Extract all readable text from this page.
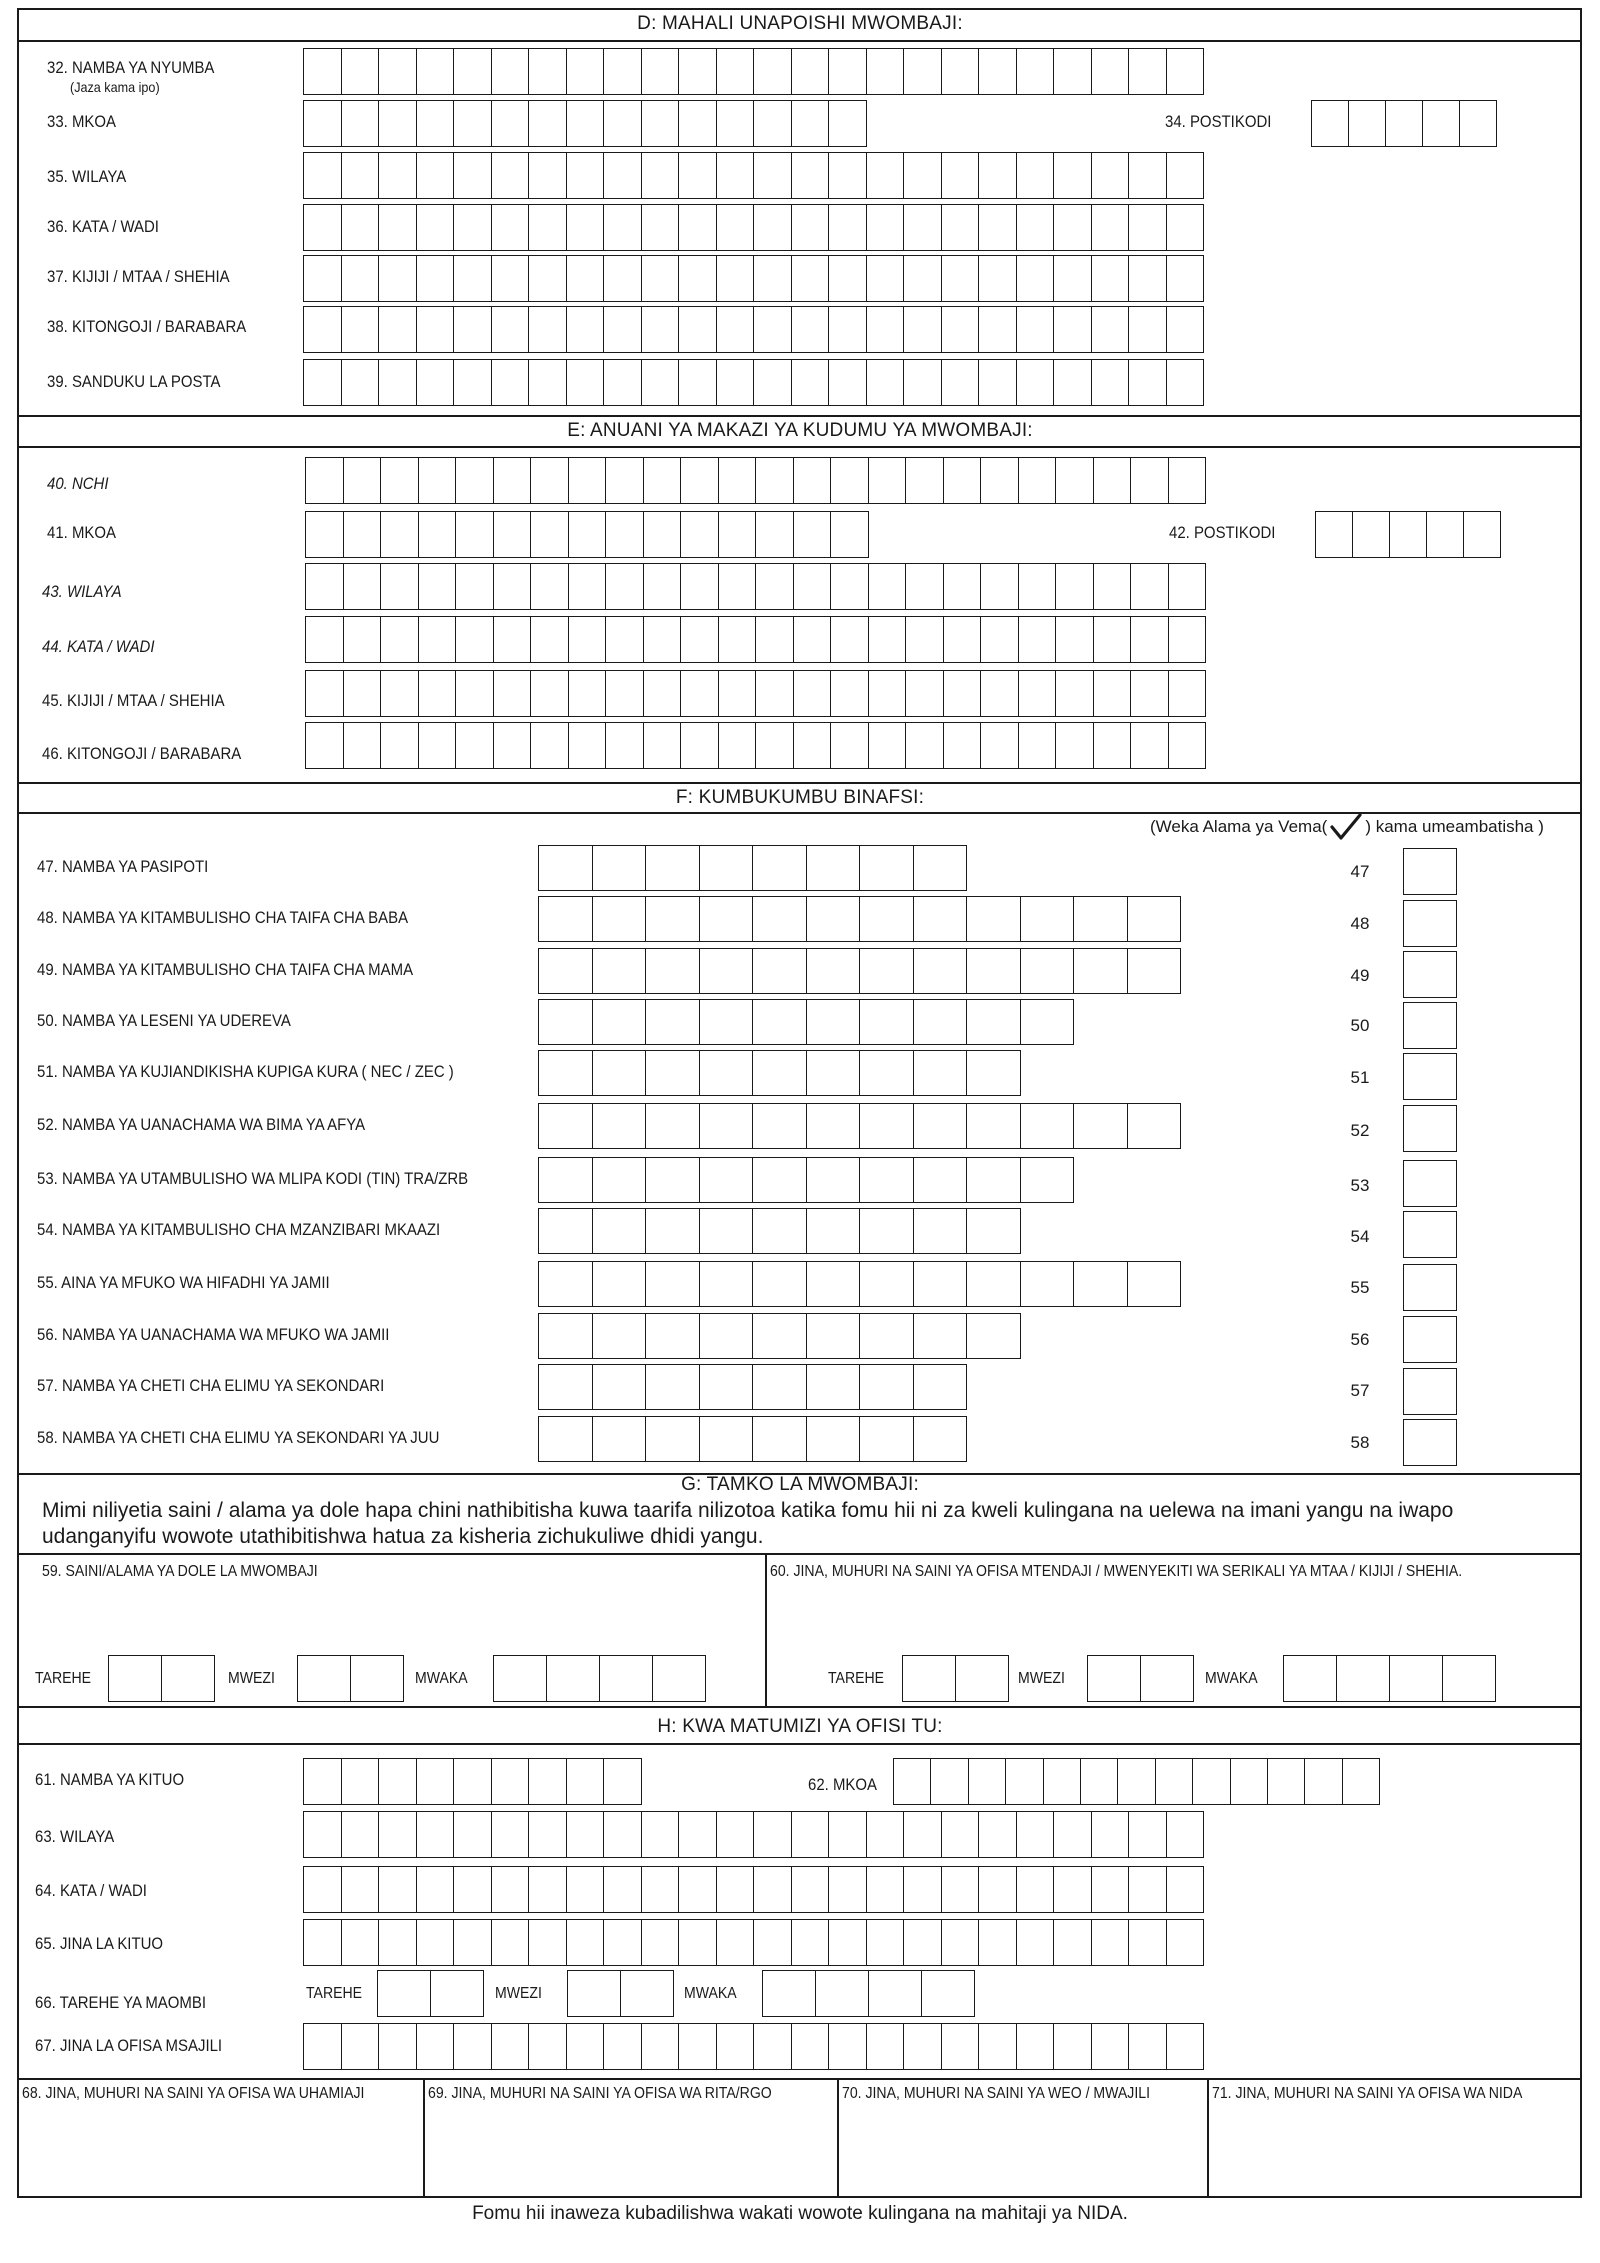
D: MAHALI UNAPOISHI MWOMBAJI:
32. NAMBA YA NYUMBA
(Jaza kama ipo)
33. MKOA	34. POSTIKODI
35. WILAYA
36. KATA / WADI
37. KIJIJI / MTAA / SHEHIA
38. KITONGOJI / BARABARA
39. SANDUKU LA POSTA
E: ANUANI YA MAKAZI YA KUDUMU YA MWOMBAJI:
40. NCHI
41. MKOA	42. POSTIKODI
43. WILAYA
44. KATA / WADI
45. KIJIJI / MTAA / SHEHIA
46. KITONGOJI / BARABARA
F: KUMBUKUMBU BINAFSI:
(Weka Alama ya Vema( ) kama umeambatisha )
47. NAMBA YA PASIPOTI	47
48. NAMBA YA KITAMBULISHO CHA TAIFA CHA BABA	48
49. NAMBA YA KITAMBULISHO CHA TAIFA CHA MAMA	49
50. NAMBA YA LESENI YA UDEREVA	50
51. NAMBA YA KUJIANDIKISHA KUPIGA KURA ( NEC / ZEC )	51
52. NAMBA YA UANACHAMA WA BIMA YA AFYA	52
53. NAMBA YA UTAMBULISHO WA MLIPA KODI (TIN) TRA/ZRB	53
54. NAMBA YA KITAMBULISHO CHA MZANZIBARI MKAAZI	54
55. AINA YA MFUKO WA HIFADHI YA JAMII	55
56. NAMBA YA UANACHAMA WA MFUKO WA JAMII	56
57. NAMBA YA CHETI CHA ELIMU YA SEKONDARI	57
58. NAMBA YA CHETI CHA ELIMU YA SEKONDARI YA JUU	58
G: TAMKO LA MWOMBAJI:
Mimi niliyetia saini / alama ya dole hapa chini nathibitisha kuwa taarifa nilizotoa katika fomu hii ni za kweli kulingana na uelewa na imani yangu na iwapo udanganyifu wowote utathibitishwa hatua za kisheria zichukuliwe dhidi yangu.
59. SAINI/ALAMA YA DOLE LA MWOMBAJI	60. JINA, MUHURI NA SAINI YA OFISA MTENDAJI / MWENYEKITI WA SERIKALI YA MTAA / KIJIJI / SHEHIA.
TAREHE	MWEZI	MWAKA	TAREHE	MWEZI	MWAKA
H: KWA MATUMIZI YA OFISI TU:
61. NAMBA YA KITUO	62. MKOA
63. WILAYA
64. KATA / WADI
65. JINA LA KITUO
66. TAREHE YA MAOMBI	TAREHE	MWEZI	MWAKA
67. JINA LA OFISA MSAJILI
68. JINA, MUHURI NA SAINI YA OFISA WA UHAMIAJI	69. JINA, MUHURI NA SAINI YA OFISA WA RITA/RGO	70. JINA, MUHURI NA SAINI YA WEO / MWAJILI	71. JINA, MUHURI NA SAINI YA OFISA WA NIDA
Fomu hii inaweza kubadilishwa wakati wowote kulingana na mahitaji ya NIDA.
